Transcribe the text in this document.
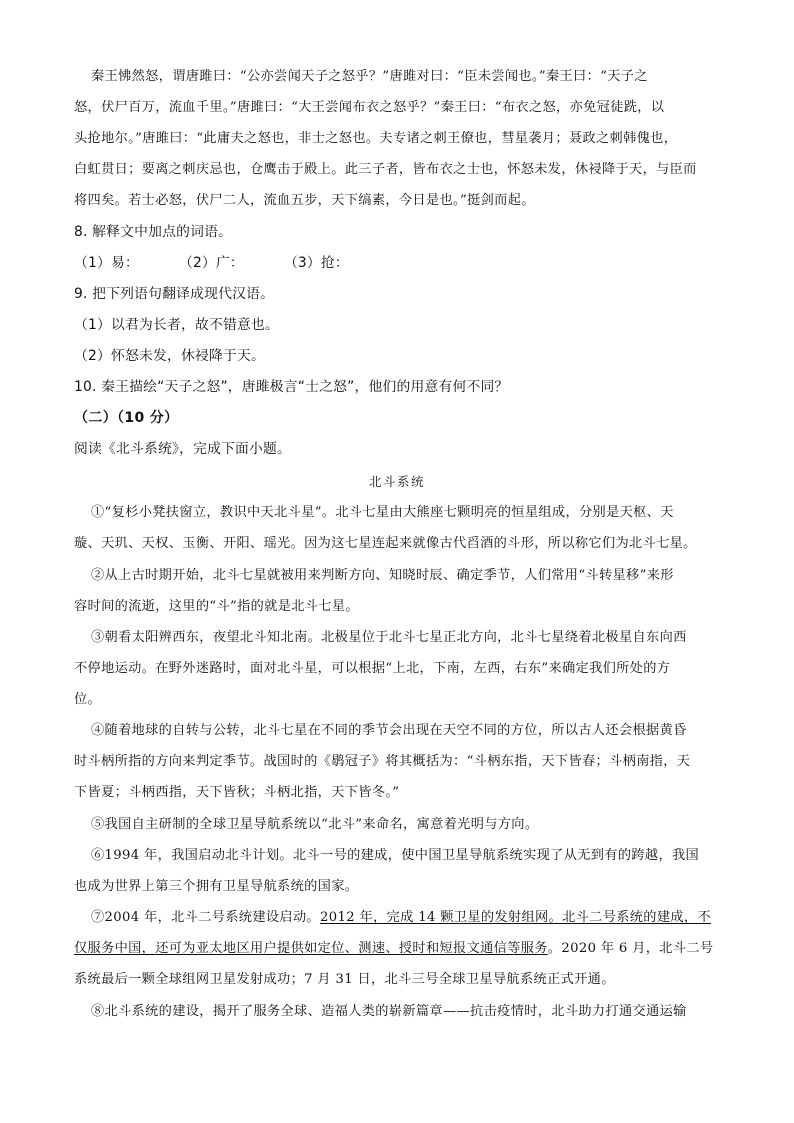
秦王怫然怒，谓唐雎曰：“公亦尝闻天子之怒乎？”唐雎对曰：“臣未尝闻也。”秦王曰：“天子之
怒，伏尸百万，流血千里。”唐雎曰：“大王尝闻布衣之怒乎？”秦王曰：“布衣之怒，亦免冠徒跣，以
头抢地尔。”唐雎曰：“此庸夫之怒也，非士之怒也。夫专诸之刺王僚也，彗星袭月；聂政之刺韩傀也，
白虹贯日；要离之刺庆忌也，仓鹰击于殿上。此三子者，皆布衣之士也，怀怒未发，休祲降于天，与臣而
将四矣。若士必怒，伏尸二人，流血五步，天下缟素，今日是也。”挺剑而起。
8. 解释文中加点的词语。
（1）易：	（2）广：	（3）抢：
9. 把下列语句翻译成现代汉语。
（1）以君为长者，故不错意也。
（2）怀怒未发，休祲降于天。
10. 秦王描绘“天子之怒”，唐雎极言“士之怒”，他们的用意有何不同？
（二）（10 分）
阅读《北斗系统》，完成下面小题。
北斗系统
①“复杉小凳扶窗立，教识中天北斗星”。北斗七星由大熊座七颗明亮的恒星组成，分别是天枢、天
璇、天玑、天权、玉衡、开阳、瑶光。因为这七星连起来就像古代舀酒的斗形，所以称它们为北斗七星。
②从上古时期开始，北斗七星就被用来判断方向、知晓时辰、确定季节，人们常用“斗转星移”来形
容时间的流逝，这里的“斗”指的就是北斗七星。
③朝看太阳辨西东，夜望北斗知北南。北极星位于北斗七星正北方向，北斗七星绕着北极星自东向西
不停地运动。在野外迷路时，面对北斗星，可以根据“上北，下南，左西，右东”来确定我们所处的方
位。
④随着地球的自转与公转，北斗七星在不同的季节会出现在天空不同的方位，所以古人还会根据黄昏
时斗柄所指的方向来判定季节。战国时的《鹖冠子》将其概括为：“斗柄东指，天下皆春；斗柄南指，天
下皆夏；斗柄西指，天下皆秋；斗柄北指，天下皆冬。”
⑤我国自主研制的全球卫星导航系统以“北斗”来命名，寓意着光明与方向。
⑥1994 年，我国启动北斗计划。北斗一号的建成，使中国卫星导航系统实现了从无到有的跨越，我国
也成为世界上第三个拥有卫星导航系统的国家。
⑦2004 年，北斗二号系统建设启动。2012 年，完成 14 颗卫星的发射组网。北斗二号系统的建成，不
仅服务中国，还可为亚太地区用户提供如定位、测速、授时和短报文通信等服务。2020 年 6 月，北斗二号
系统最后一颗全球组网卫星发射成功；7 月 31 日，北斗三号全球卫星导航系统正式开通。
⑧北斗系统的建设，揭开了服务全球、造福人类的崭新篇章——抗击疫情时，北斗助力打通交通运输
